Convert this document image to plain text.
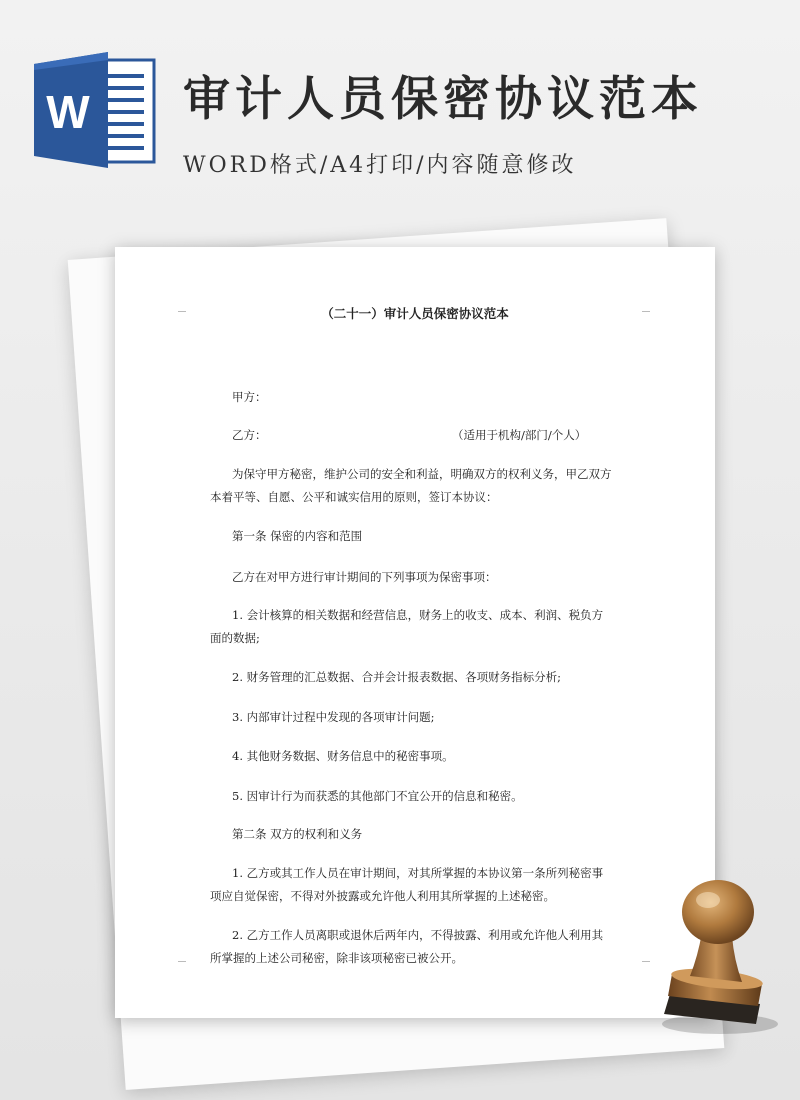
W 审计人员保密协议范本
WORD格式/A4打印/内容随意修改
（二十一）审计人员保密协议范本
甲方：
乙方：	（适用于机构/部门/个人）
为保守甲方秘密，维护公司的安全和利益，明确双方的权利义务，甲乙双方
本着平等、自愿、公平和诚实信用的原则，签订本协议：
第一条 保密的内容和范围
乙方在对甲方进行审计期间的下列事项为保密事项：
1. 会计核算的相关数据和经营信息，财务上的收支、成本、利润、税负方
面的数据;
2. 财务管理的汇总数据、合并会计报表数据、各项财务指标分析;
3. 内部审计过程中发现的各项审计问题;
4. 其他财务数据、财务信息中的秘密事项。
5. 因审计行为而获悉的其他部门不宜公开的信息和秘密。
第二条 双方的权利和义务
1. 乙方或其工作人员在审计期间，对其所掌握的本协议第一条所列秘密事
项应自觉保密，不得对外披露或允许他人利用其所掌握的上述秘密。
2. 乙方工作人员离职或退休后两年内，不得披露、利用或允许他人利用其
所掌握的上述公司秘密，除非该项秘密已被公开。
